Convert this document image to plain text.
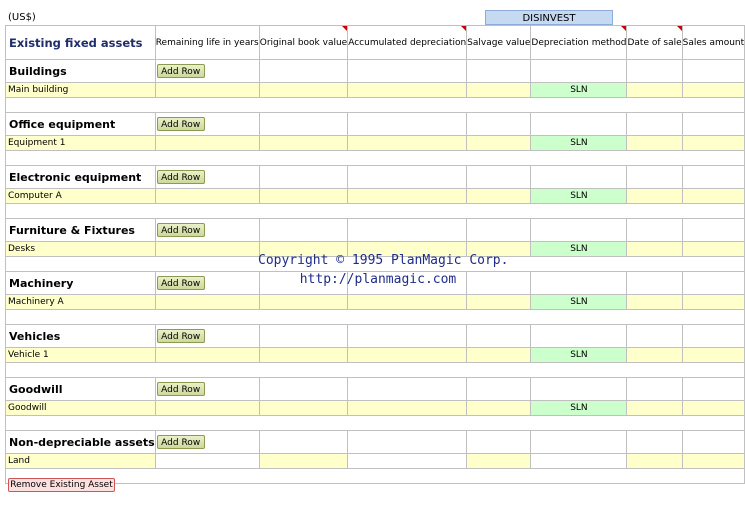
(US$)	DISINVEST
Existing fixed assets	Remaining life in years	Original book value	Accumulated depreciation	Salvage value	Depreciation method	Date of sale	Sales amount
Buildings	Add Row						
Main building					SLN		

Office equipment	Add Row						
Equipment 1					SLN		

Electronic equipment	Add Row						
Computer A					SLN		

Furniture & Fixtures	Add Row						
Desks					SLN		

Machinery	Add Row						
Machinery A					SLN		

Vehicles	Add Row						
Vehicle 1					SLN		

Goodwill	Add Row						
Goodwill					SLN		

Non-depreciable assets	Add Row						
Land							

Copyright © 1995 PlanMagic Corp.
http://planmagic.com
Remove Existing Asset
